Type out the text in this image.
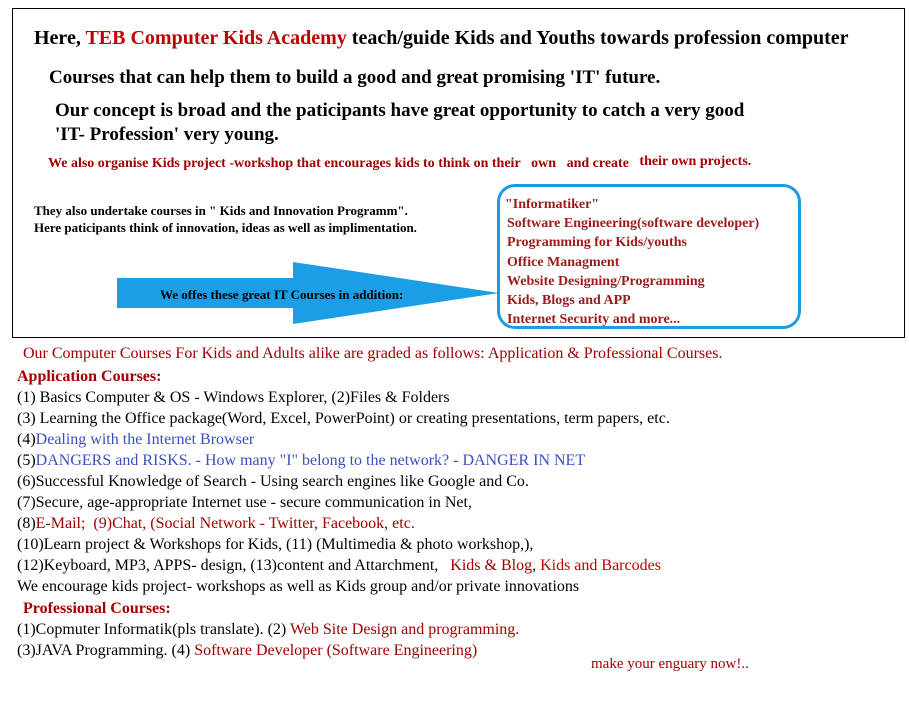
Here, TEB Computer Kids Academy teach/guide Kids and Youths towards profession computer
Courses that can help them to build a good and great promising 'IT' future.
Our concept is broad and the paticipants have great opportunity to catch a very good
'IT- Profession' very young.
We also organise Kids project -workshop that encourages kids to think on their own and create their own projects.
They also undertake courses in " Kids and Innovation Programm".
Here paticipants think of innovation, ideas as well as implimentation.
We offes these great IT Courses in addition:
"Informatiker"
Software Engineering(software developer)
Programming for Kids/youths
Office Managment
Website Designing/Programming
Kids, Blogs and APP
Internet Security and more...
Our Computer Courses For Kids and Adults alike are graded as follows: Application & Professional Courses.
Application Courses:
(1) Basics Computer & OS - Windows Explorer, (2)Files & Folders
(3) Learning the Office package(Word, Excel, PowerPoint) or creating presentations, term papers, etc.
(4)Dealing with the Internet Browser
(5)DANGERS and RISKS. - How many "I" belong to the network? - DANGER IN NET
(6)Successful Knowledge of Search - Using search engines like Google and Co.
(7)Secure, age-appropriate Internet use - secure communication in Net,
(8)E-Mail; (9)Chat, (Social Network - Twitter, Facebook, etc.
(10)Learn project & Workshops for Kids, (11) (Multimedia & photo workshop,),
(12)Keyboard, MP3, APPS- design, (13)content and Attarchment, Kids & Blog, Kids and Barcodes
We encourage kids project- workshops as well as Kids group and/or private innovations
Professional Courses:
(1)Copmuter Informatik(pls translate). (2) Web Site Design and programming.
(3)JAVA Programming. (4) Software Developer (Software Engineering)
make your enguary now!..
